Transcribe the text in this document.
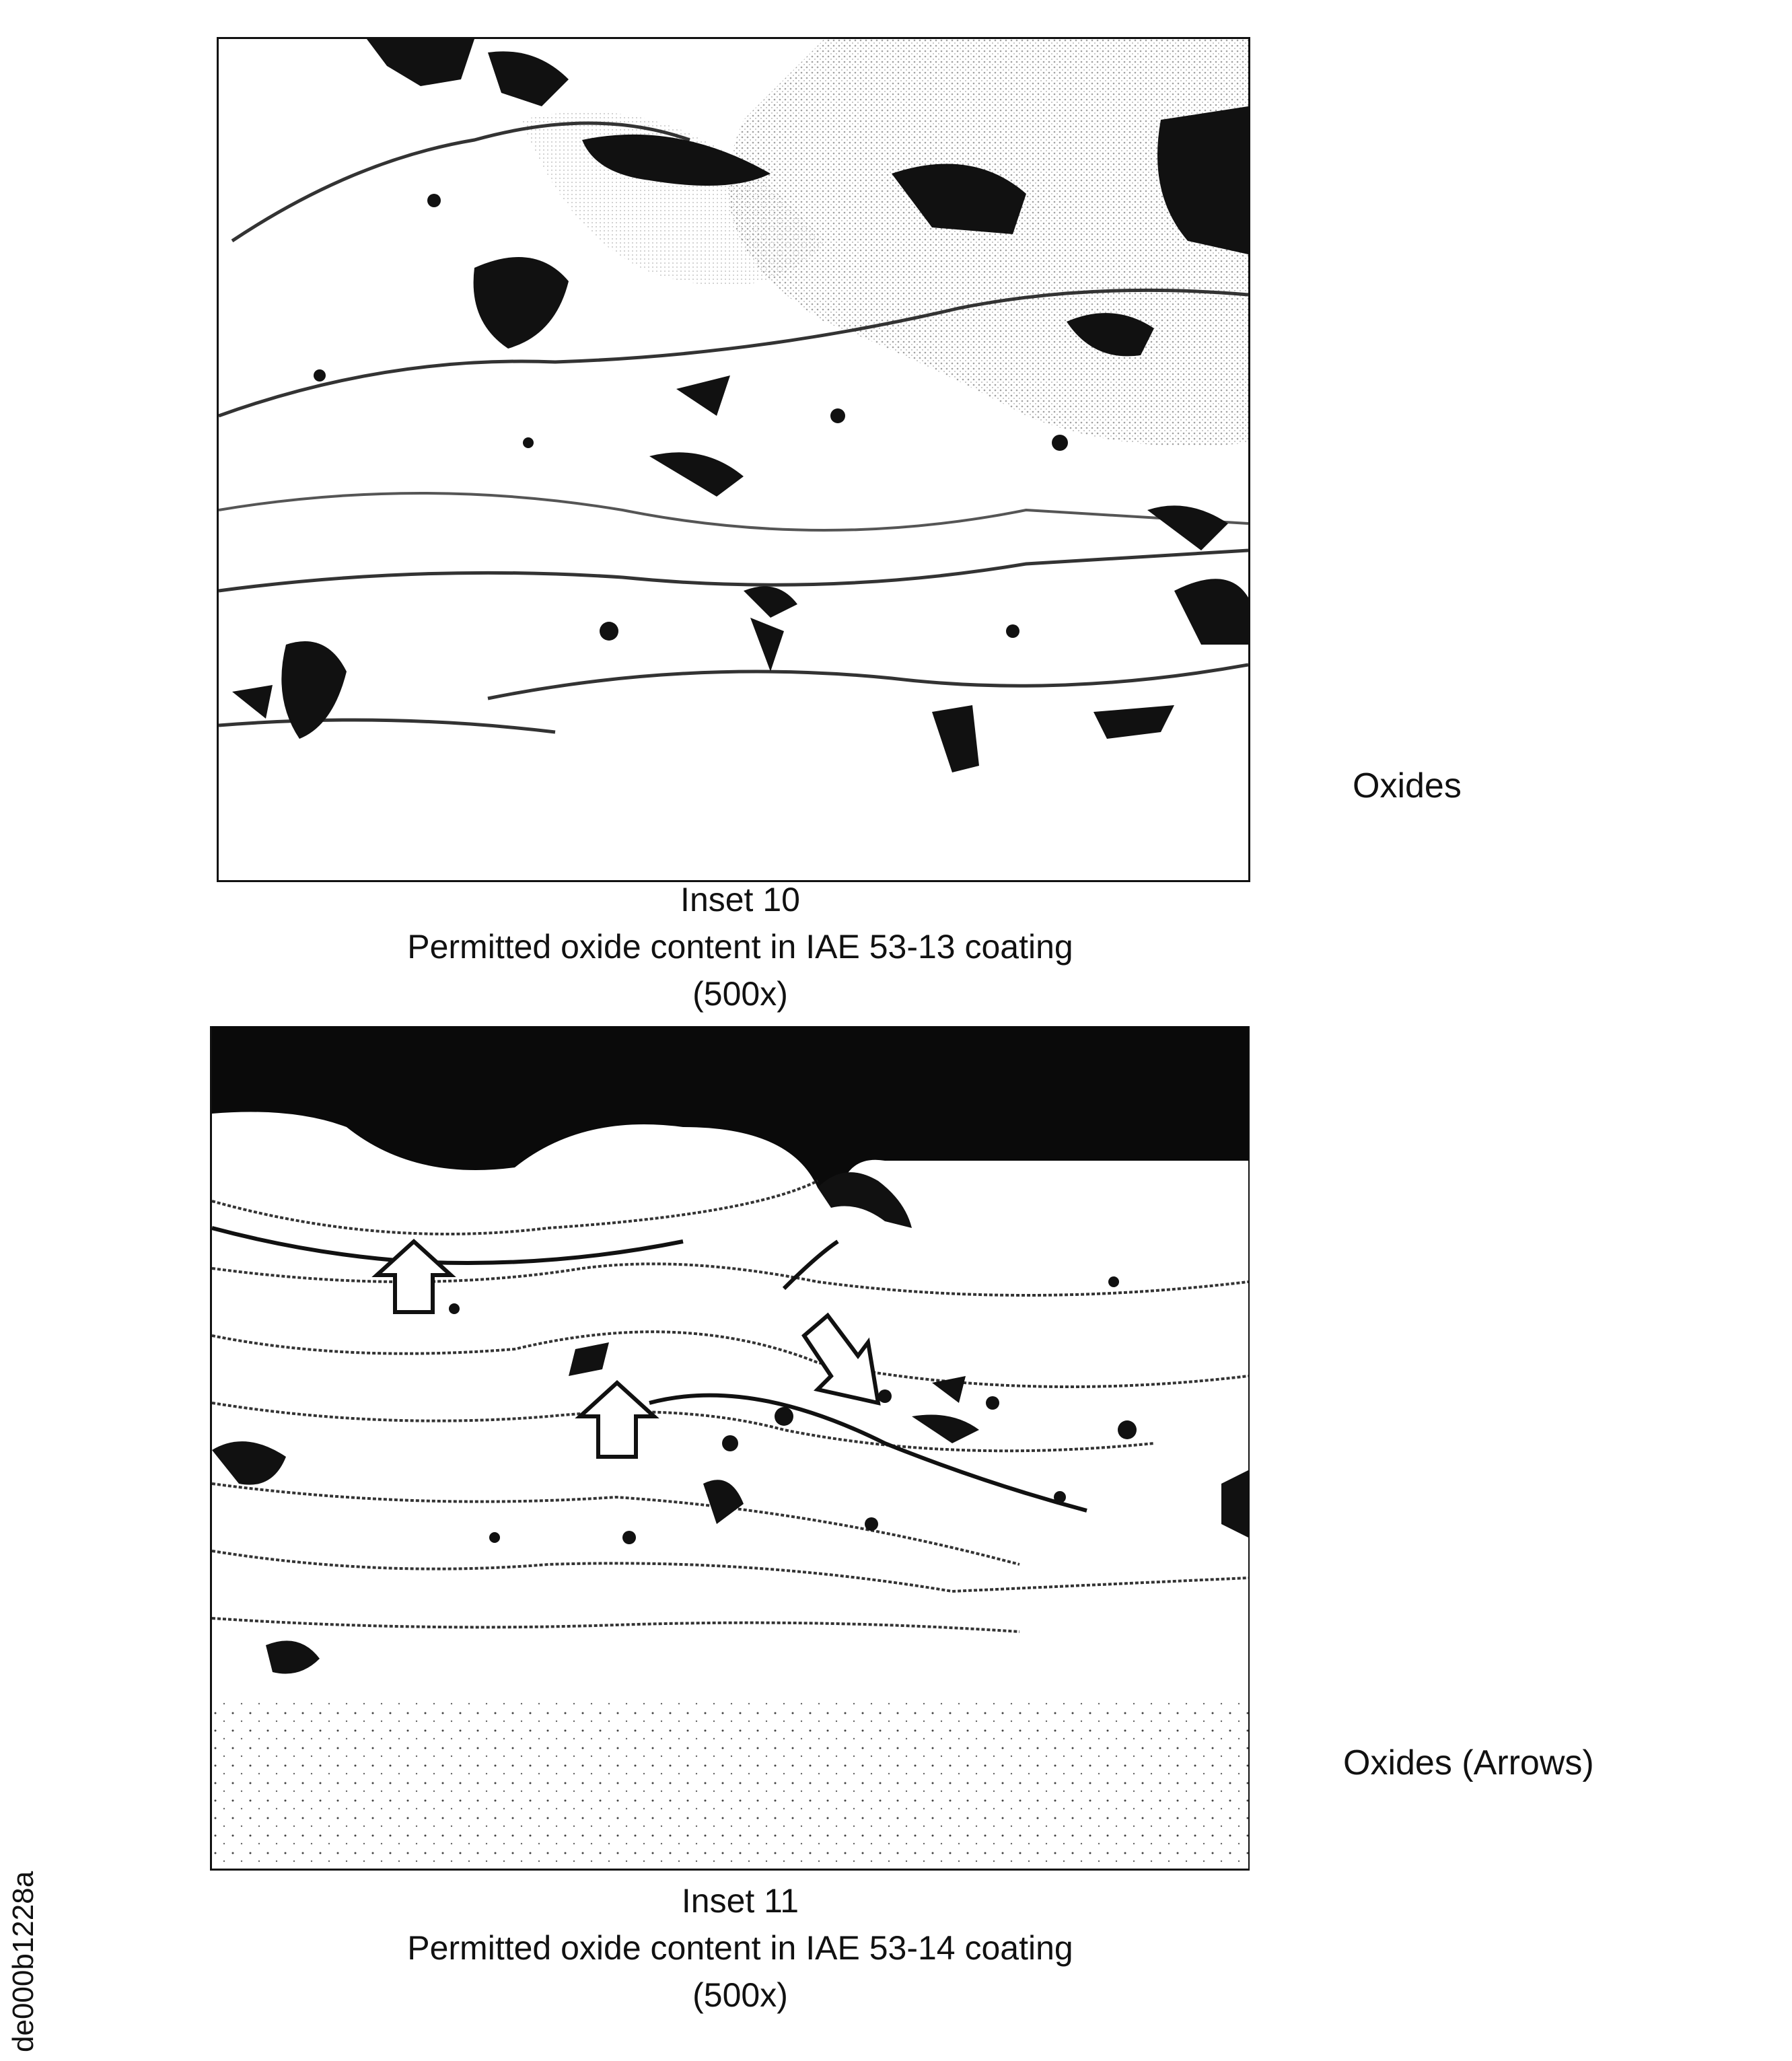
Inset 10
Permitted oxide content in IAE 53-13 coating
(500x)
Oxides
Inset 11
Permitted oxide content in IAE 53-14 coating
(500x)
Oxides (Arrows)
de000b1228a
